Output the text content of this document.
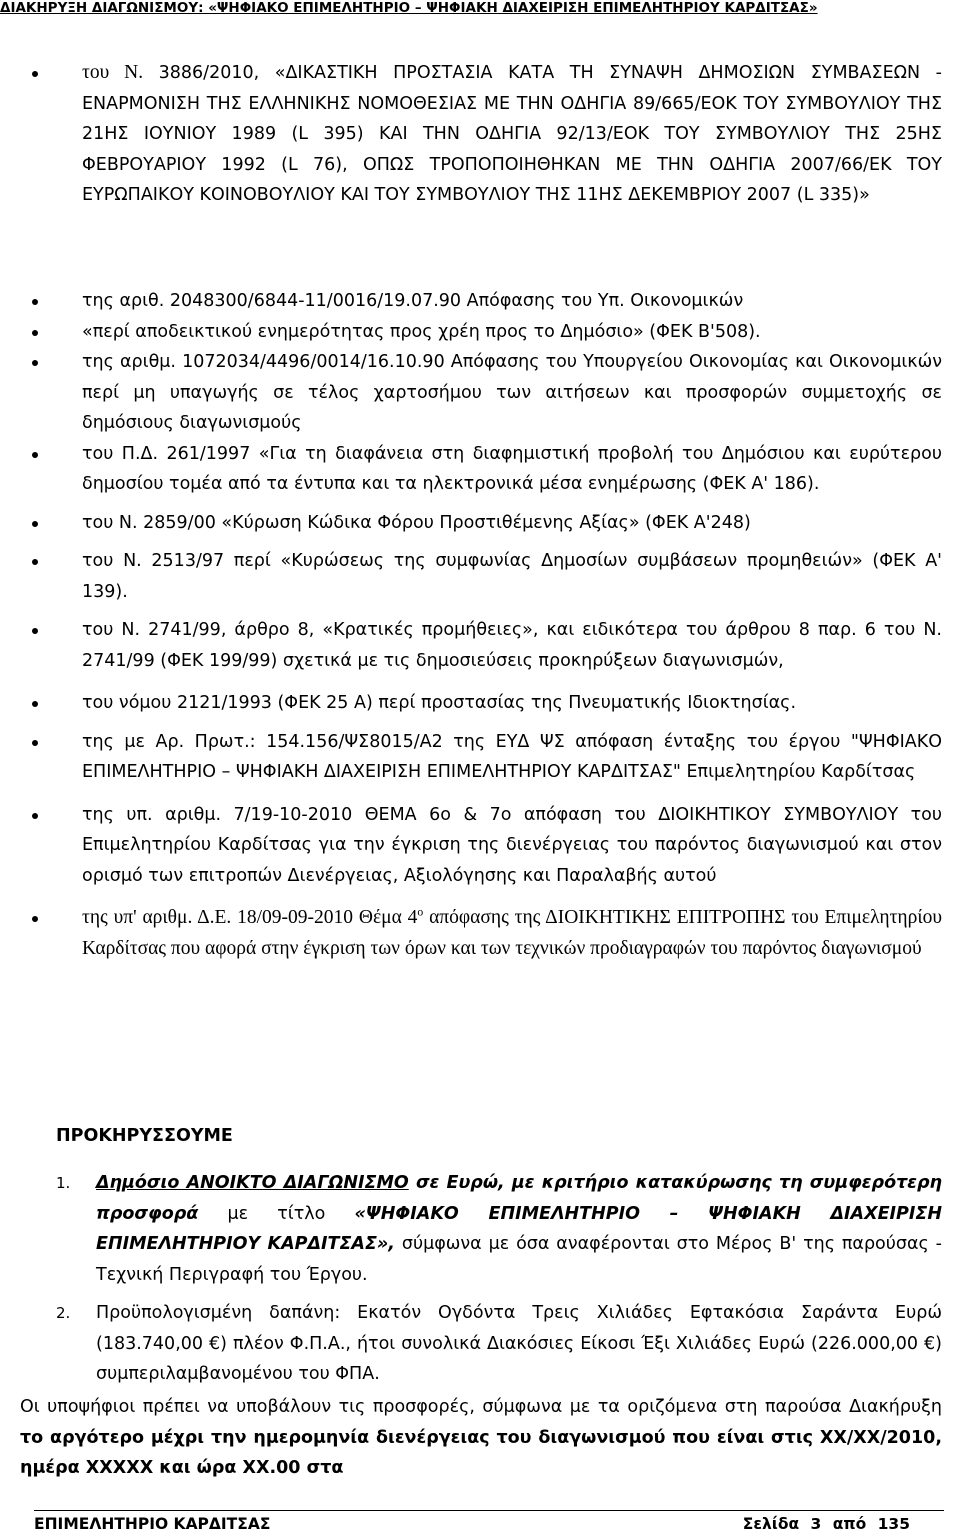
ΔΙΑΚΗΡΥΞΗ ΔΙΑΓΩΝΙΣΜΟΥ: «ΨΗΦΙΑΚΟ ΕΠΙΜΕΛΗΤΗΡΙΟ – ΨΗΦΙΑΚΗ ΔΙΑΧΕΙΡΙΣΗ ΕΠΙΜΕΛΗΤΗΡΙΟΥ ΚΑΡΔΙΤΣΑΣ»
του Ν. 3886/2010, «ΔΙΚΑΣΤΙΚΗ ΠΡΟΣΤΑΣΙΑ ΚΑΤΑ ΤΗ ΣΥΝΑΨΗ ΔΗΜΟΣΙΩΝ ΣΥΜΒΑΣΕΩΝ - ΕΝΑΡΜΟΝΙΣΗ ΤΗΣ ΕΛΛΗΝΙΚΗΣ ΝΟΜΟΘΕΣΙΑΣ ΜΕ ΤΗΝ ΟΔΗΓΙΑ 89/665/ΕΟΚ ΤΟΥ ΣΥΜΒΟΥΛΙΟΥ ΤΗΣ 21ΗΣ ΙΟΥΝΙΟΥ 1989 (L 395) ΚΑΙ ΤΗΝ ΟΔΗΓΙΑ 92/13/ΕΟΚ ΤΟΥ ΣΥΜΒΟΥΛΙΟΥ ΤΗΣ 25ΗΣ ΦΕΒΡΟΥΑΡΙΟΥ 1992 (L 76), ΟΠΩΣ ΤΡΟΠΟΠΟΙΗΘΗΚΑΝ ΜΕ ΤΗΝ ΟΔΗΓΙΑ 2007/66/ΕΚ ΤΟΥ ΕΥΡΩΠΑΙΚΟΥ ΚΟΙΝΟΒΟΥΛΙΟΥ ΚΑΙ ΤΟΥ ΣΥΜΒΟΥΛΙΟΥ ΤΗΣ 11ΗΣ ΔΕΚΕΜΒΡΙΟΥ 2007 (L 335)»
της αριθ. 2048300/6844-11/0016/19.07.90 Απόφασης του Υπ. Οικονομικών
«περί αποδεικτικού ενημερότητας προς χρέη προς το Δημόσιο» (ΦΕΚ Β'508).
της αριθμ. 1072034/4496/0014/16.10.90 Απόφασης του Υπουργείου Οικονομίας και Οικονομικών περί μη υπαγωγής σε τέλος χαρτοσήμου των αιτήσεων και προσφορών συμμετοχής σε δημόσιους διαγωνισμούς
του Π.Δ. 261/1997 «Για τη διαφάνεια στη διαφημιστική προβολή του Δημόσιου και ευρύτερου δημοσίου τομέα από τα έντυπα και τα ηλεκτρονικά μέσα ενημέρωσης (ΦΕΚ Α' 186).
του Ν. 2859/00 «Κύρωση Κώδικα Φόρου Προστιθέμενης Αξίας» (ΦΕΚ Α'248)
του Ν. 2513/97 περί «Κυρώσεως της συμφωνίας Δημοσίων συμβάσεων προμηθειών» (ΦΕΚ Α' 139).
του Ν. 2741/99, άρθρο 8, «Κρατικές προμήθειες», και ειδικότερα του άρθρου 8 παρ. 6 του Ν. 2741/99 (ΦΕΚ 199/99) σχετικά με τις δημοσιεύσεις προκηρύξεων διαγωνισμών,
του νόμου 2121/1993 (ΦΕΚ 25 Α) περί προστασίας της Πνευματικής Ιδιοκτησίας.
της με Αρ. Πρωτ.: 154.156/ΨΣ8015/Α2 της ΕΥΔ ΨΣ απόφαση ένταξης του έργου "ΨΗΦΙΑΚΟ ΕΠΙΜΕΛΗΤΗΡΙΟ – ΨΗΦΙΑΚΗ ΔΙΑΧΕΙΡΙΣΗ ΕΠΙΜΕΛΗΤΗΡΙΟΥ ΚΑΡΔΙΤΣΑΣ" Επιμελητηρίου Καρδίτσας
της υπ. αριθμ. 7/19-10-2010 ΘΕΜΑ 6ο & 7ο απόφαση του ΔΙΟΙΚΗΤΙΚΟΥ ΣΥΜΒΟΥΛΙΟΥ του Επιμελητηρίου Καρδίτσας για την έγκριση της διενέργειας του παρόντος διαγωνισμού και στον ορισμό των επιτροπών Διενέργειας, Αξιολόγησης και Παραλαβής αυτού
της υπ' αριθμ. Δ.Ε. 18/09-09-2010 Θέμα $4^o$ απόφασης της ΔΙΟΙΚΗΤΙΚΗΣ ΕΠΙΤΡΟΠΗΣ του Επιμελητηρίου Καρδίτσας που αφορά στην έγκριση των όρων και των τεχνικών προδιαγραφών του παρόντος διαγωνισμού
ΠΡΟΚΗΡΥΣΣΟΥΜΕ
1. Δημόσιο ΑΝΟΙΚΤΟ ΔΙΑΓΩΝΙΣΜΟ σε Ευρώ, με κριτήριο κατακύρωσης τη συμφερότερη προσφορά με τίτλο «ΨΗΦΙΑΚΟ ΕΠΙΜΕΛΗΤΗΡΙΟ – ΨΗΦΙΑΚΗ ΔΙΑΧΕΙΡΙΣΗ ΕΠΙΜΕΛΗΤΗΡΙΟΥ ΚΑΡΔΙΤΣΑΣ», σύμφωνα με όσα αναφέρονται στο Μέρος Β' της παρούσας - Τεχνική Περιγραφή του Έργου.
2. Προϋπολογισμένη δαπάνη: Εκατόν Ογδόντα Τρεις Χιλιάδες Εφτακόσια Σαράντα Ευρώ (183.740,00 €) πλέον Φ.Π.Α., ήτοι συνολικά Διακόσιες Είκοσι Έξι Χιλιάδες Ευρώ (226.000,00 €) συμπεριλαμβανομένου του ΦΠΑ.
Οι υποψήφιοι πρέπει να υποβάλουν τις προσφορές, σύμφωνα με τα οριζόμενα στη παρούσα Διακήρυξη το αργότερο μέχρι την ημερομηνία διενέργειας του διαγωνισμού που είναι στις ΧΧ/ΧΧ/2010, ημέρα ΧΧΧΧΧ και ώρα ΧΧ.00 στα
ΕΠΙΜΕΛΗΤΗΡΙΟ ΚΑΡΔΙΤΣΑΣ	Σελίδα 3 από 135
